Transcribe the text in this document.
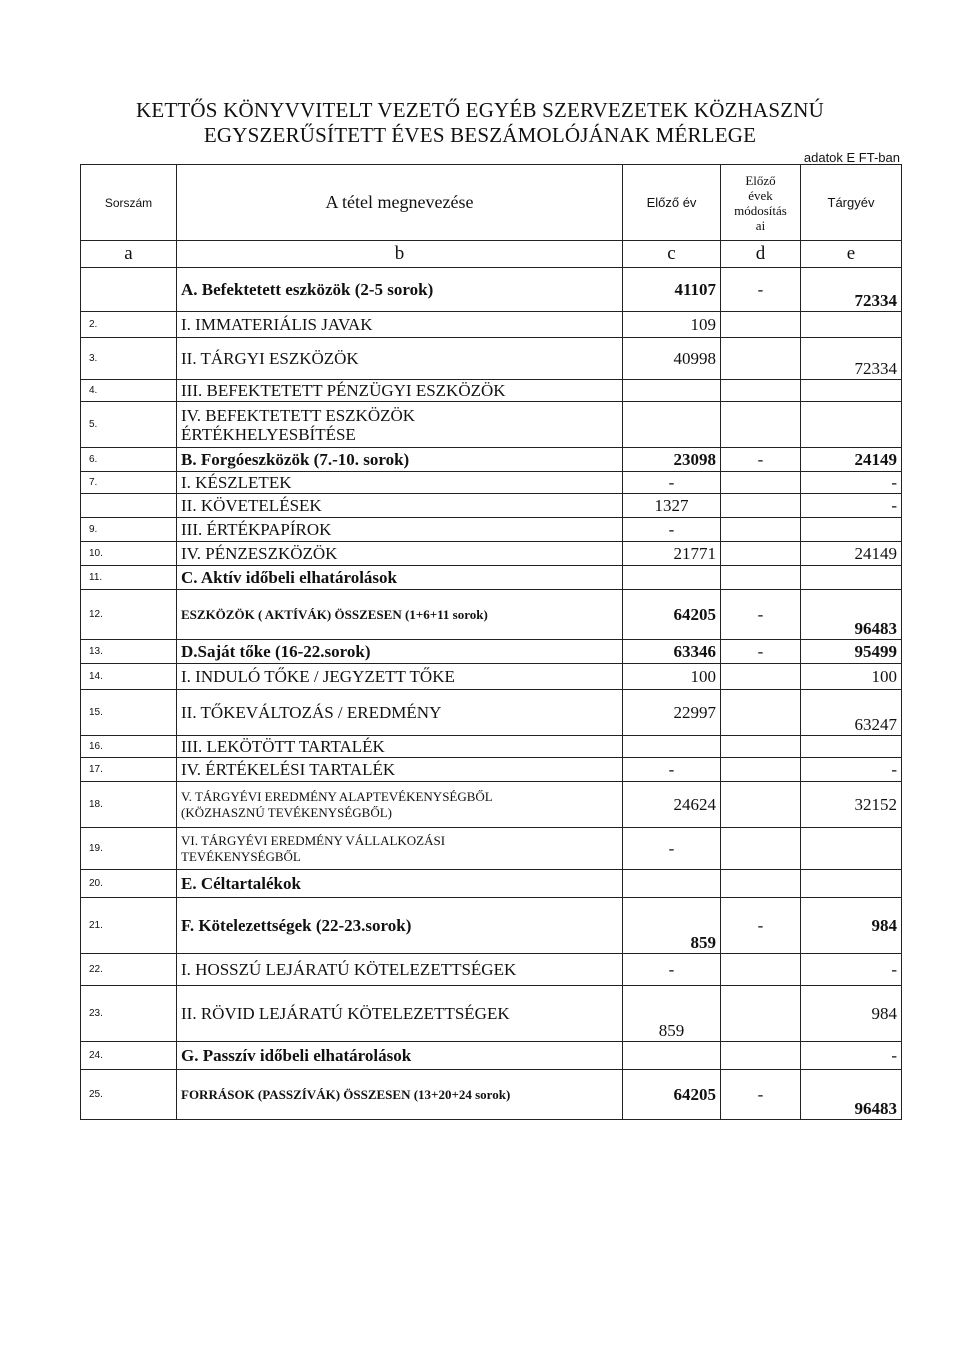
KETTŐS KÖNYVVITELT VEZETŐ EGYÉB SZERVEZETEK KÖZHASZNÚ
EGYSZERŰSÍTETT ÉVES BESZÁMOLÓJÁNAK MÉRLEGE
adatok E FT-ban
Sorszám	A tétel megnevezése	Előző év	Előző
évek
módosítás
ai	Tárgyév
a	b	c	d	e
	A. Befektetett eszközök (2-5 sorok)	41107	-	72334
2.	I. IMMATERIÁLIS JAVAK	109		
3.	II. TÁRGYI ESZKÖZÖK	40998		72334
4.	III. BEFEKTETETT PÉNZÜGYI ESZKÖZÖK			
5.	IV. BEFEKTETETT ESZKÖZÖK
ÉRTÉKHELYESBÍTÉSE			

6.	B. Forgóeszközök (7.-10. sorok)	23098	-	24149
7.	I. KÉSZLETEK	-		-
	II. KÖVETELÉSEK	1327		-
9.	III. ÉRTÉKPAPÍROK	-		
10.	IV. PÉNZESZKÖZÖK	21771		24149
11.	C. Aktív időbeli elhatárolások			
12.	ESZKÖZÖK ( AKTÍVÁK) ÖSSZESEN (1+6+11 sorok)	64205	-	96483
13.	D.Saját tőke (16-22.sorok)	63346	-	95499
14.	I. INDULÓ TŐKE / JEGYZETT TŐKE	100		100
15.	II. TŐKEVÁLTOZÁS / EREDMÉNY	22997		63247
16.	III. LEKÖTÖTT TARTALÉK			
17.	IV. ÉRTÉKELÉSI TARTALÉK	-		-
18.	V. TÁRGYÉVI EREDMÉNY ALAPTEVÉKENYSÉGBŐL
(KÖZHASZNÚ TEVÉKENYSÉGBŐL)	24624		32152
19.	VI. TÁRGYÉVI EREDMÉNY VÁLLALKOZÁSI
TEVÉKENYSÉGBŐL	-		
20.	E. Céltartalékok			
21.	F. Kötelezettségek (22-23.sorok)	859	-	984
22.	I. HOSSZÚ LEJÁRATÚ KÖTELEZETTSÉGEK	-		-
23.	II. RÖVID LEJÁRATÚ KÖTELEZETTSÉGEK	859		984
24.	G. Passzív időbeli elhatárolások			-
25.	FORRÁSOK (PASSZÍVÁK) ÖSSZESEN (13+20+24 sorok)	64205	-	96483
